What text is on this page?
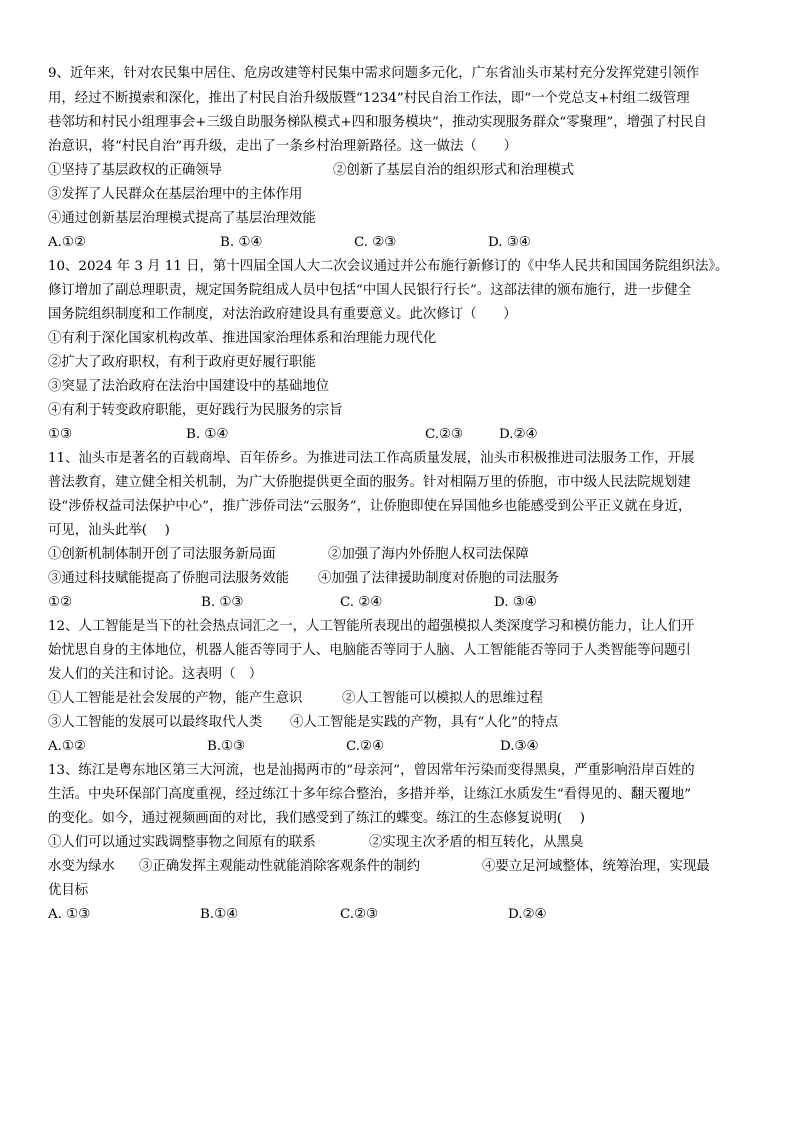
9、近年来，针对农民集中居住、危房改建等村民集中需求问题多元化，广东省汕头市某村充分发挥党建引领作
用，经过不断摸索和深化，推出了村民自治升级版暨“1234”村民自治工作法，即“一个党总支+村组二级管理
巷邻坊和村民小组理事会+三级自助服务梯队模式+四和服务模块”，推动实现服务群众“零聚理”，增强了村民自
治意识，将“村民自治”再升级，走出了一条乡村治理新路径。这一做法（　　）
①坚持了基层政权的正确领导	②创新了基层自治的组织形式和治理模式
③发挥了人民群众在基层治理中的主体作用
④通过创新基层治理模式提高了基层治理效能
A.①②	B. ①④	C. ②③	D. ③④
10、2024 年 3 月 11 日，第十四届全国人大二次会议通过并公布施行新修订的《中华人民共和国国务院组织法》。
修订增加了副总理职责，规定国务院组成人员中包括“中国人民银行行长”。这部法律的颁布施行，进一步健全
国务院组织制度和工作制度，对法治政府建设具有重要意义。此次修订（　　）
①有利于深化国家机构改革、推进国家治理体系和治理能力现代化
②扩大了政府职权，有利于政府更好履行职能
③突显了法治政府在法治中国建设中的基础地位
④有利于转变政府职能，更好践行为民服务的宗旨
①③	B. ①④	C.②③	D.②④
11、汕头市是著名的百载商埠、百年侨乡。为推进司法工作高质量发展，汕头市积极推进司法服务工作，开展
普法教育，建立健全相关机制，为广大侨胞提供更全面的服务。针对相隔万里的侨胞，市中级人民法院规划建
设“涉侨权益司法保护中心”，推广涉侨司法“云服务”，让侨胞即使在异国他乡也能感受到公平正义就在身近，
可见，汕头此举(　 )
①创新机制体制开创了司法服务新局面	②加强了海内外侨胞人权司法保障
③通过科技赋能提高了侨胞司法服务效能 ④加强了法律援助制度对侨胞的司法服务
①②	B. ①③	C. ②④	D. ③④
12、人工智能是当下的社会热点词汇之一，人工智能所表现出的超强模拟人类深度学习和模仿能力，让人们开
始忧思自身的主体地位，机器人能否等同于人、电脑能否等同于人脑、人工智能能否等同于人类智能等问题引
发人们的关注和讨论。这表明（　）
①人工智能是社会发展的产物，能产生意识	②人工智能可以模拟人的思维过程
③人工智能的发展可以最终取代人类 ④人工智能是实践的产物，具有“人化”的特点
A.①②	B.①③	C.②④	D.③④
13、练江是粤东地区第三大河流，也是汕揭两市的“母亲河”，曾因常年污染而变得黑臭，严重影响沿岸百姓的
生活。中央环保部门高度重视，经过练江十多年综合整治，多措并举，让练江水质发生“看得见的、翻天覆地”
的变化。如今，通过视频画面的对比，我们感受到了练江的蝶变。练江的生态修复说明(　 )
①人们可以通过实践调整事物之间原有的联系	②实现主次矛盾的相互转化，从黑臭
水变为绿水 ③正确发挥主观能动性就能消除客观条件的制约	④要立足河域整体，统筹治理，实现最
优目标
A. ①③	B.①④	C.②③	D.②④
